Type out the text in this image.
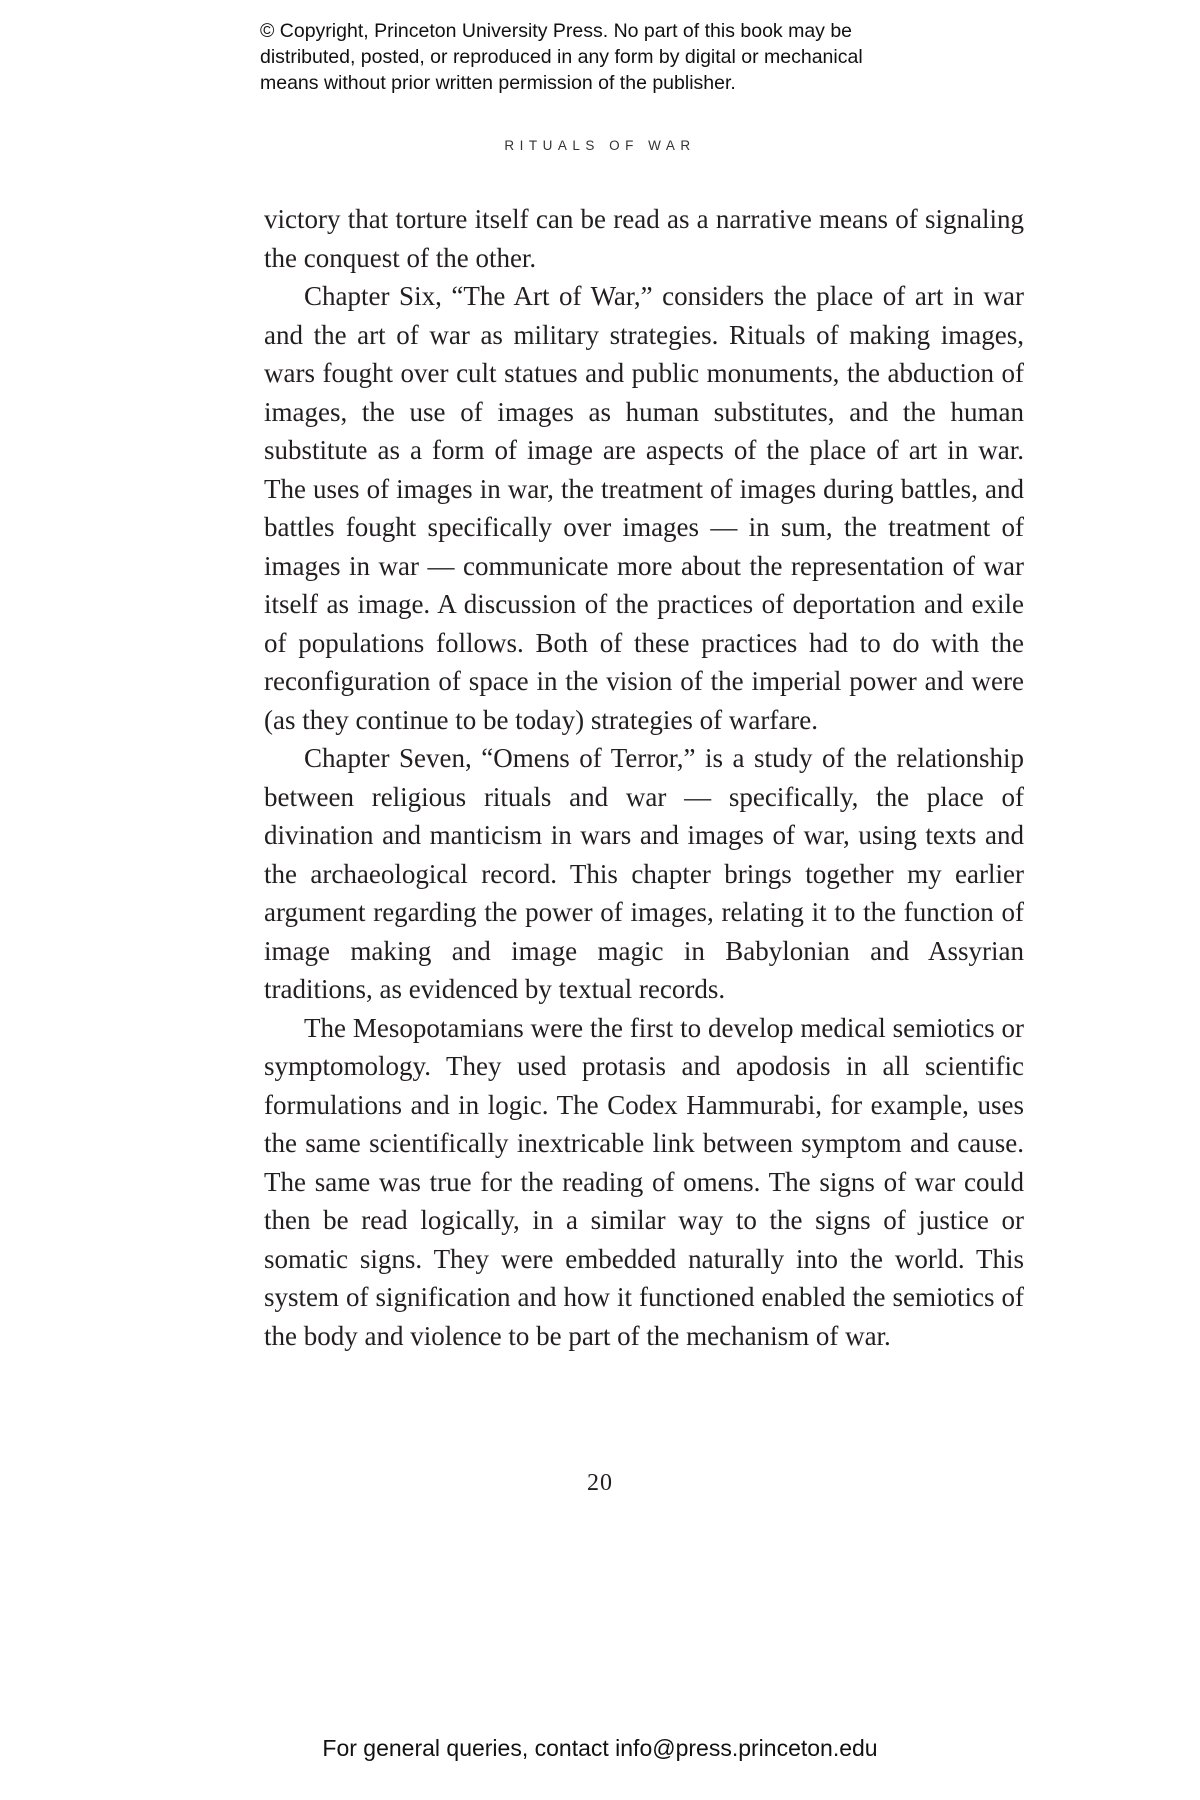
© Copyright, Princeton University Press. No part of this book may be
distributed, posted, or reproduced in any form by digital or mechanical
means without prior written permission of the publisher.
RITUALS OF WAR

victory that torture itself can be read as a narrative means of signaling the conquest of the other.

Chapter Six, “The Art of War,” considers the place of art in war and the art of war as military strategies. Rituals of making images, wars fought over cult statues and public monuments, the abduction of images, the use of images as human substitutes, and the human substitute as a form of image are aspects of the place of art in war. The uses of images in war, the treatment of images during battles, and battles fought specifically over images — in sum, the treatment of images in war — communicate more about the representation of war itself as image. A discussion of the practices of deportation and exile of populations follows. Both of these practices had to do with the reconfiguration of space in the vision of the imperial power and were (as they continue to be today) strategies of warfare.

Chapter Seven, “Omens of Terror,” is a study of the relationship between religious rituals and war — specifically, the place of divination and manticism in wars and images of war, using texts and the archaeological record. This chapter brings together my earlier argument regarding the power of images, relating it to the function of image making and image magic in Babylonian and Assyrian traditions, as evidenced by textual records.

The Mesopotamians were the first to develop medical semiotics or symptomology. They used protasis and apodosis in all scientific formulations and in logic. The Codex Hammurabi, for example, uses the same scientifically inextricable link between symptom and cause. The same was true for the reading of omens. The signs of war could then be read logically, in a similar way to the signs of justice or somatic signs. They were embedded naturally into the world. This system of signification and how it functioned enabled the semiotics of the body and violence to be part of the mechanism of war.

20
For general queries, contact info@press.princeton.edu
